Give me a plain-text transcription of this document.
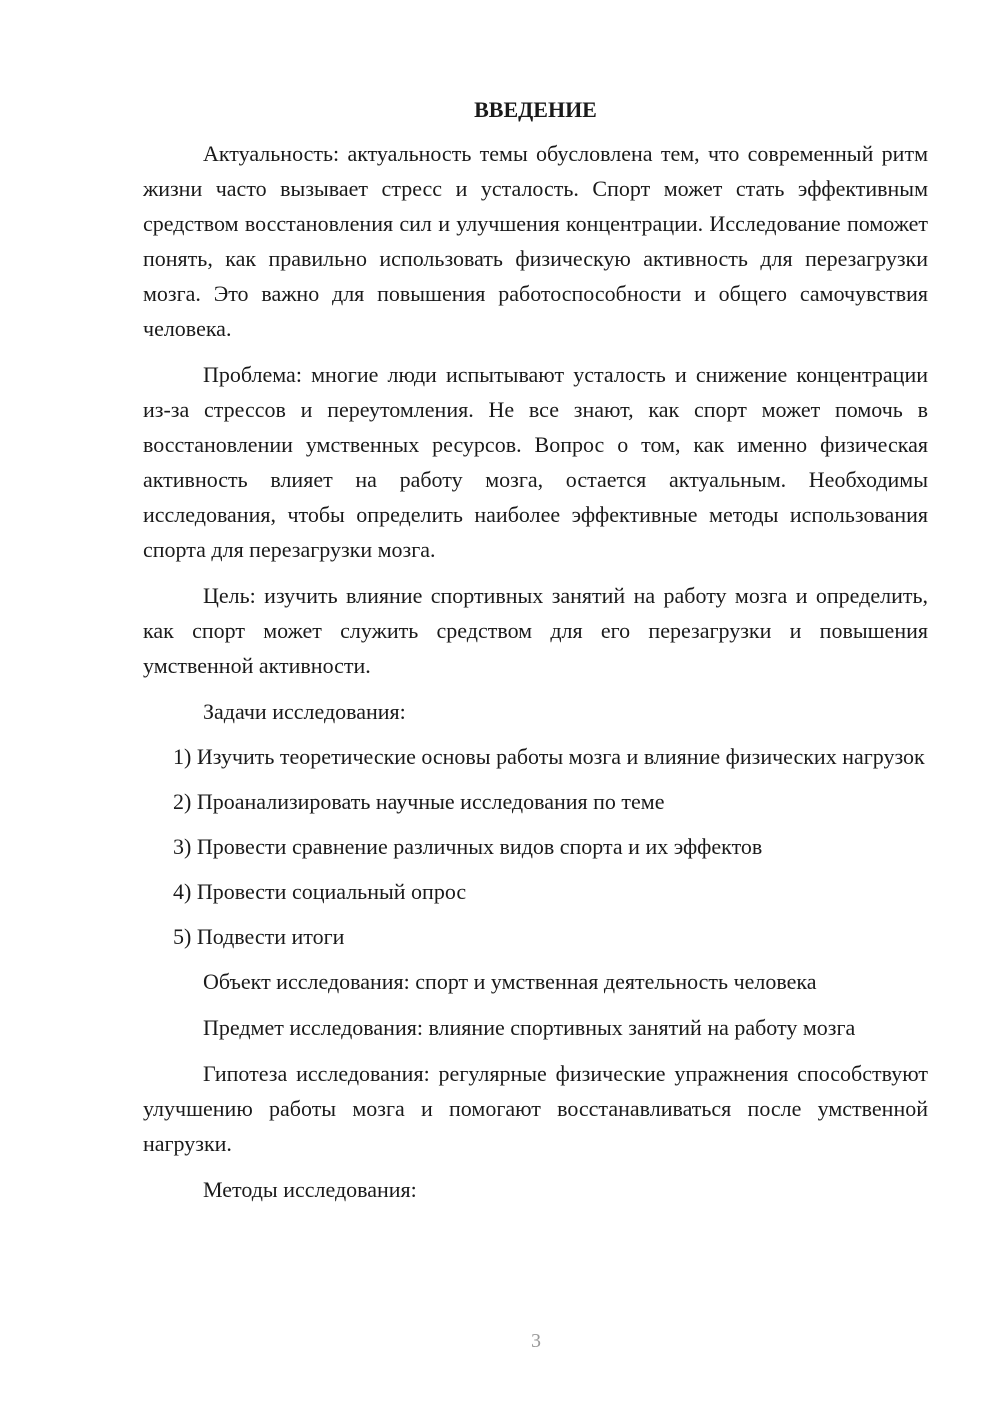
ВВЕДЕНИЕ

Актуальность: актуальность темы обусловлена тем, что современный ритм жизни часто вызывает стресс и усталость. Спорт может стать эффективным средством восстановления сил и улучшения концентрации. Исследование поможет понять, как правильно использовать физическую активность для перезагрузки мозга. Это важно для повышения работоспособности и общего самочувствия человека.

Проблема: многие люди испытывают усталость и снижение концентрации из-за стрессов и переутомления. Не все знают, как спорт может помочь в восстановлении умственных ресурсов. Вопрос о том, как именно физическая активность влияет на работу мозга, остается актуальным. Необходимы исследования, чтобы определить наиболее эффективные методы использования спорта для перезагрузки мозга.

Цель: изучить влияние спортивных занятий на работу мозга и определить, как спорт может служить средством для его перезагрузки и повышения умственной активности.

Задачи исследования:

1) Изучить теоретические основы работы мозга и влияние физических нагрузок
2) Проанализировать научные исследования по теме
3) Провести сравнение различных видов спорта и их эффектов
4) Провести социальный опрос
5) Подвести итоги

Объект исследования: спорт и умственная деятельность человека

Предмет исследования: влияние спортивных занятий на работу мозга

Гипотеза исследования: регулярные физические упражнения способствуют улучшению работы мозга и помогают восстанавливаться после умственной нагрузки.

Методы исследования:

3
